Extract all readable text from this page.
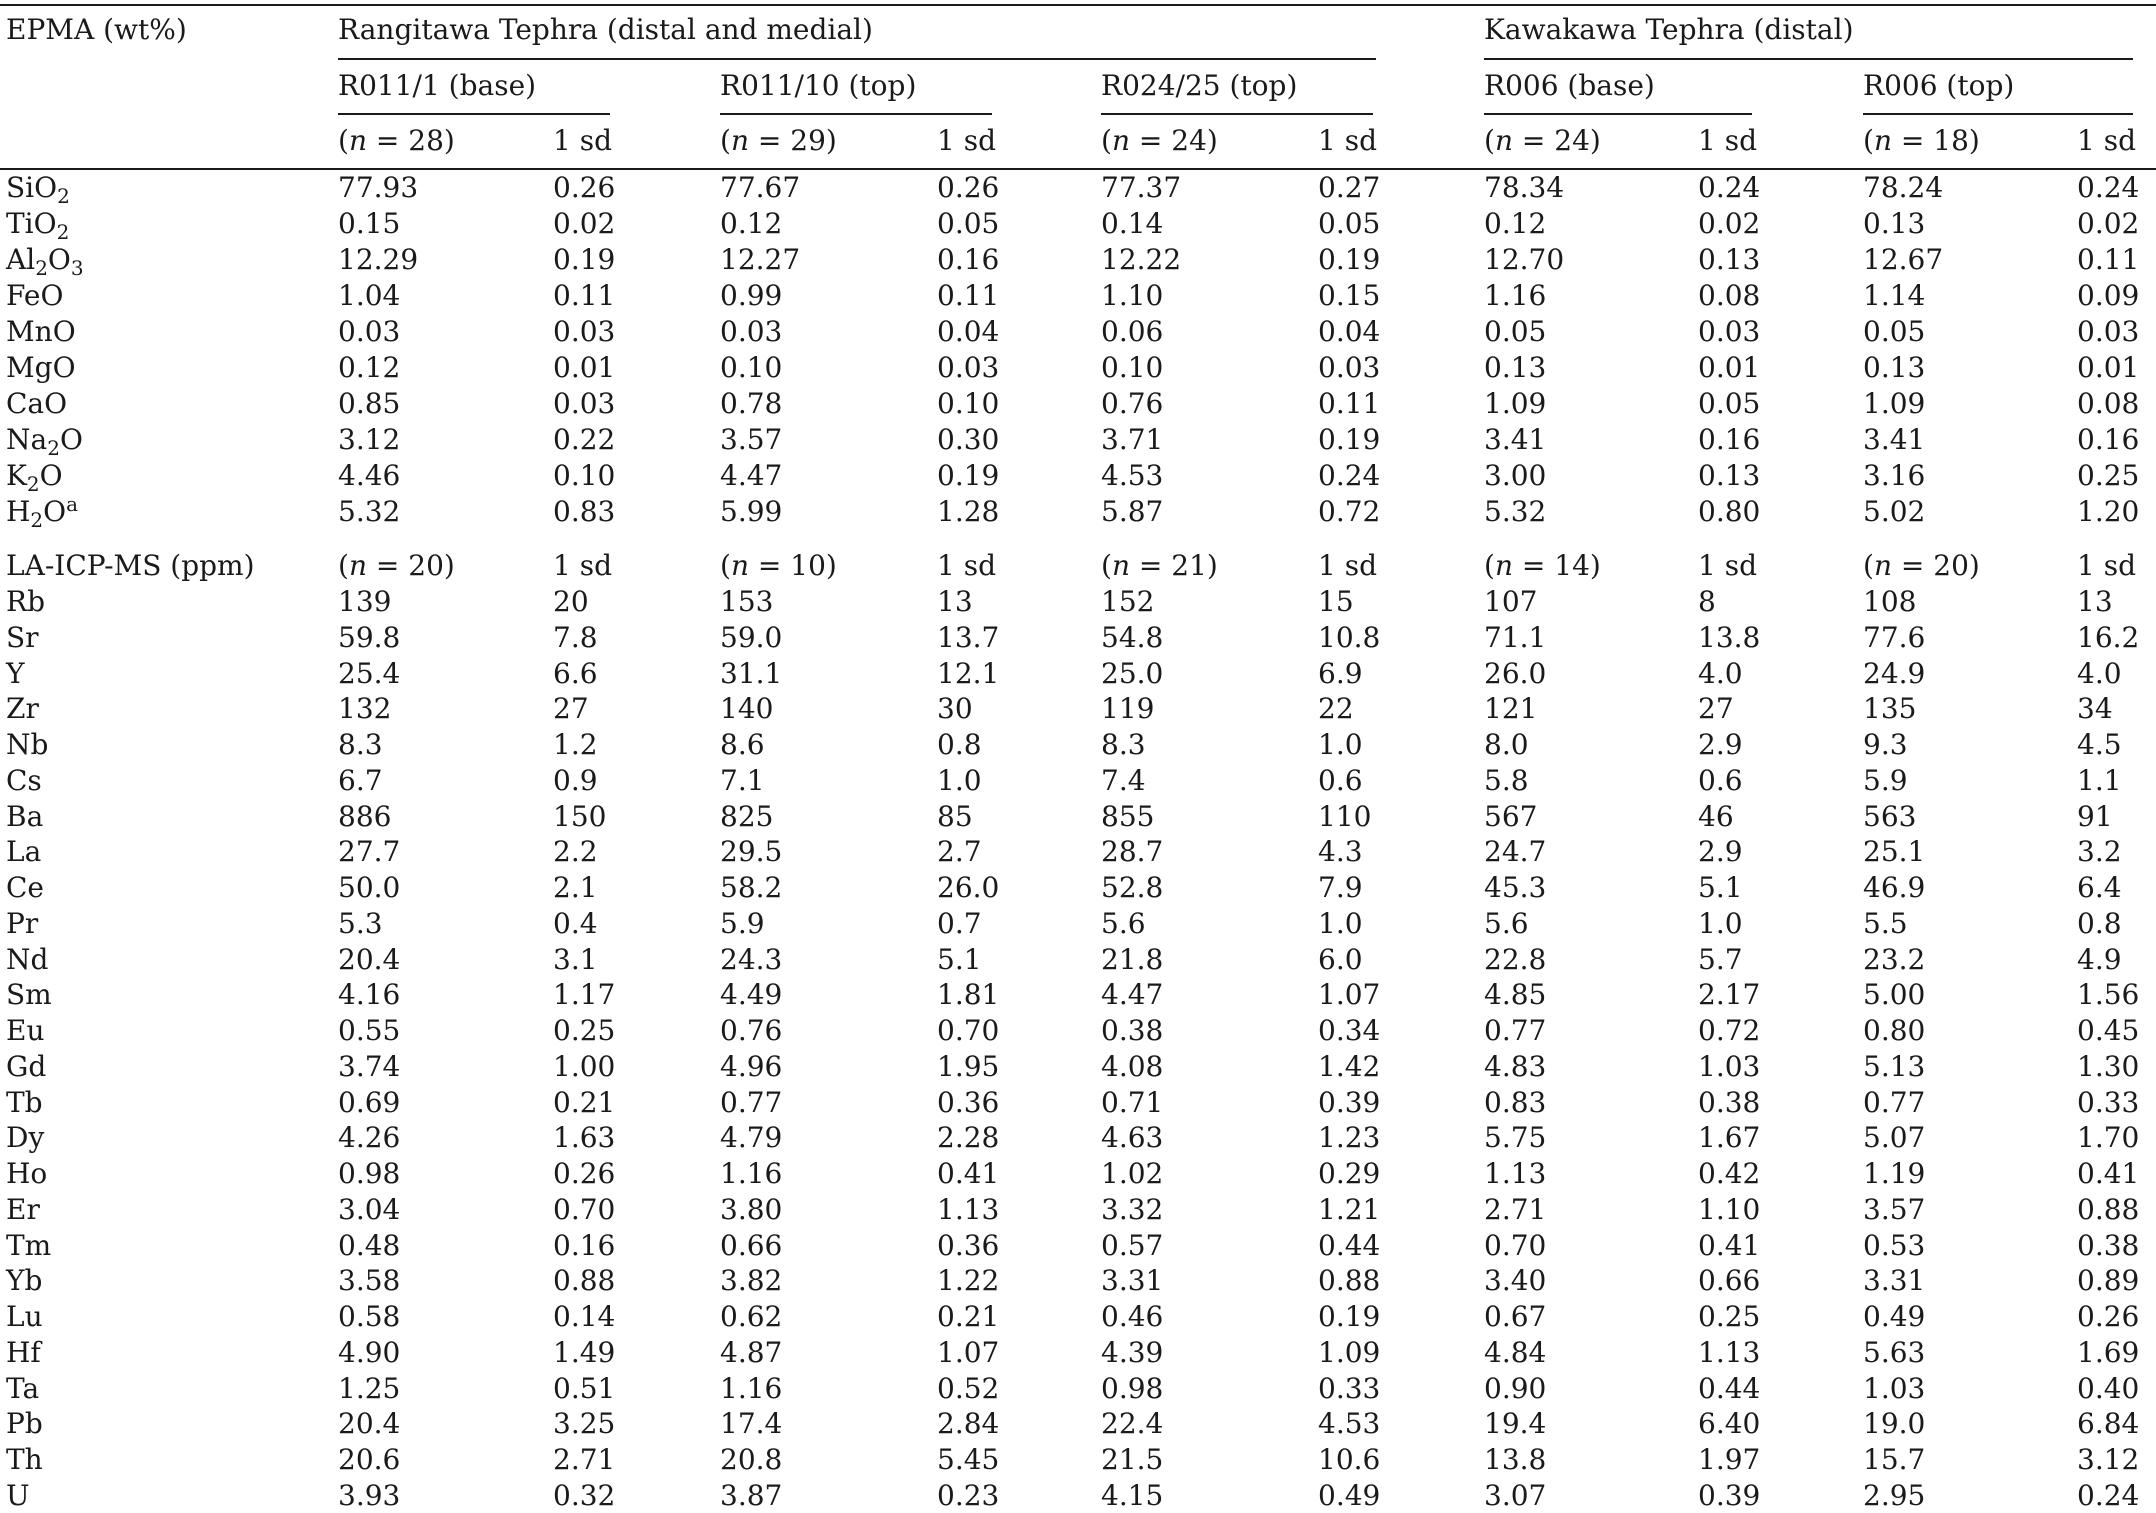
EPMA (wt%)	Rangitawa Tephra (distal and medial)	Kawakawa Tephra (distal)
R011/1 (base)	R011/10 (top)	R024/25 (top)	R006 (base)	R006 (top)
(n = 28)	1 sd	(n = 29)	1 sd	(n = 24)	1 sd	(n = 24)	1 sd	(n = 18)	1 sd
SiO$_2$	77.93	0.26	77.67	0.26	77.37	0.27	78.34	0.24	78.24	0.24
TiO$_2$	0.15	0.02	0.12	0.05	0.14	0.05	0.12	0.02	0.13	0.02
$Al_2O_3$	12.29	0.19	12.27	0.16	12.22	0.19	12.70	0.13	12.67	0.11
FeO	1.04	0.11	0.99	0.11	1.10	0.15	1.16	0.08	1.14	0.09
MnO	0.03	0.03	0.03	0.04	0.06	0.04	0.05	0.03	0.05	0.03
MgO	0.12	0.01	0.10	0.03	0.10	0.03	0.13	0.01	0.13	0.01
CaO	0.85	0.03	0.78	0.10	0.76	0.11	1.09	0.05	1.09	0.08
$Na_2O$	3.12	0.22	3.57	0.30	3.71	0.19	3.41	0.16	3.41	0.16
$K_2O$	4.46	0.10	4.47	0.19	4.53	0.24	3.00	0.13	3.16	0.25
$H_2O^a$	5.32	0.83	5.99	1.28	5.87	0.72	5.32	0.80	5.02	1.20
LA-ICP-MS (ppm)	(n = 20)	1 sd	(n = 10)	1 sd	(n = 21)	1 sd	(n = 14)	1 sd	(n = 20)	1 sd
Rb	139	20	153	13	152	15	107	8	108	13
Sr	59.8	7.8	59.0	13.7	54.8	10.8	71.1	13.8	77.6	16.2
Y	25.4	6.6	31.1	12.1	25.0	6.9	26.0	4.0	24.9	4.0
Zr	132	27	140	30	119	22	121	27	135	34
Nb	8.3	1.2	8.6	0.8	8.3	1.0	8.0	2.9	9.3	4.5
Cs	6.7	0.9	7.1	1.0	7.4	0.6	5.8	0.6	5.9	1.1
Ba	886	150	825	85	855	110	567	46	563	91
La	27.7	2.2	29.5	2.7	28.7	4.3	24.7	2.9	25.1	3.2
Ce	50.0	2.1	58.2	26.0	52.8	7.9	45.3	5.1	46.9	6.4
Pr	5.3	0.4	5.9	0.7	5.6	1.0	5.6	1.0	5.5	0.8
Nd	20.4	3.1	24.3	5.1	21.8	6.0	22.8	5.7	23.2	4.9
Sm	4.16	1.17	4.49	1.81	4.47	1.07	4.85	2.17	5.00	1.56
Eu	0.55	0.25	0.76	0.70	0.38	0.34	0.77	0.72	0.80	0.45
Gd	3.74	1.00	4.96	1.95	4.08	1.42	4.83	1.03	5.13	1.30
Tb	0.69	0.21	0.77	0.36	0.71	0.39	0.83	0.38	0.77	0.33
Dy	4.26	1.63	4.79	2.28	4.63	1.23	5.75	1.67	5.07	1.70
Ho	0.98	0.26	1.16	0.41	1.02	0.29	1.13	0.42	1.19	0.41
Er	3.04	0.70	3.80	1.13	3.32	1.21	2.71	1.10	3.57	0.88
Tm	0.48	0.16	0.66	0.36	0.57	0.44	0.70	0.41	0.53	0.38
Yb	3.58	0.88	3.82	1.22	3.31	0.88	3.40	0.66	3.31	0.89
Lu	0.58	0.14	0.62	0.21	0.46	0.19	0.67	0.25	0.49	0.26
Hf	4.90	1.49	4.87	1.07	4.39	1.09	4.84	1.13	5.63	1.69
Ta	1.25	0.51	1.16	0.52	0.98	0.33	0.90	0.44	1.03	0.40
Pb	20.4	3.25	17.4	2.84	22.4	4.53	19.4	6.40	19.0	6.84
Th	20.6	2.71	20.8	5.45	21.5	10.6	13.8	1.97	15.7	3.12
U	3.93	0.32	3.87	0.23	4.15	0.49	3.07	0.39	2.95	0.24
